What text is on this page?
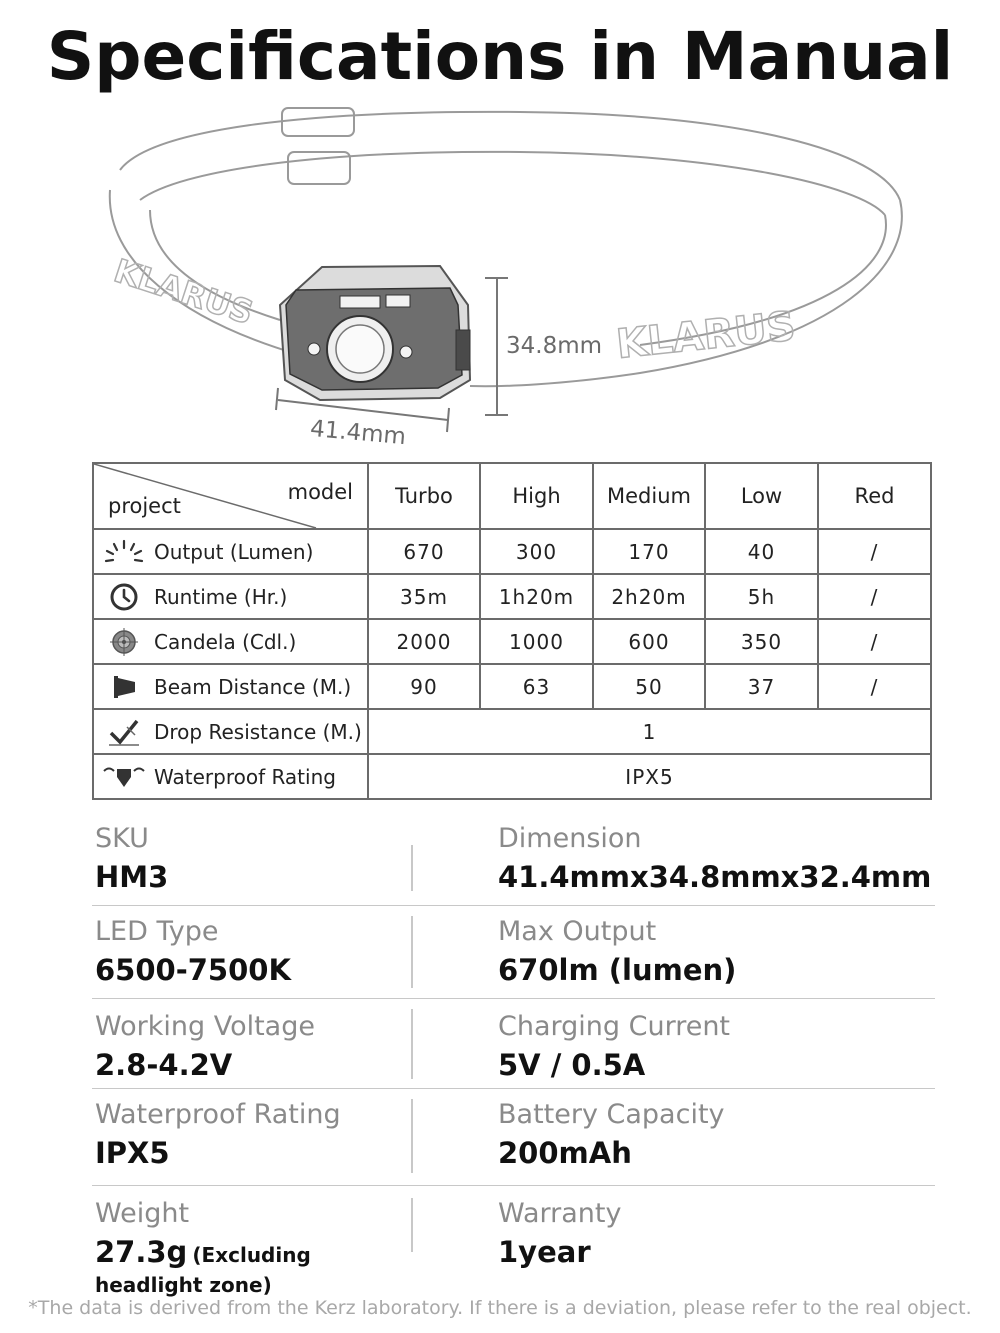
Specifications in Manual
KLARUS
KLARUS
34.8mm
41.4mm
model
project	Turbo	High	Medium	Low	Red

Output (Lumen)	670	300	170	40	/

Runtime (Hr.)	35m	1h20m	2h20m	5h	/

Candela (Cdl.)	2000	1000	600	350	/

Beam Distance (M.)	90	63	50	37	/

Drop Resistance (M.)	1				

Waterproof Rating	IPX5				
SKU
HM3
Dimension
41.4mmx34.8mmx32.4mm
LED Type
6500-7500K
Max Output
670lm (lumen)
Working Voltage
2.8-4.2V
Charging Current
5V / 0.5A
Waterproof Rating
IPX5
Battery Capacity
200mAh
Weight
27.3g (Excluding
headlight zone)
Warranty
1year
*The data is derived from the Kerz laboratory. If there is a deviation, please refer to the real object.
